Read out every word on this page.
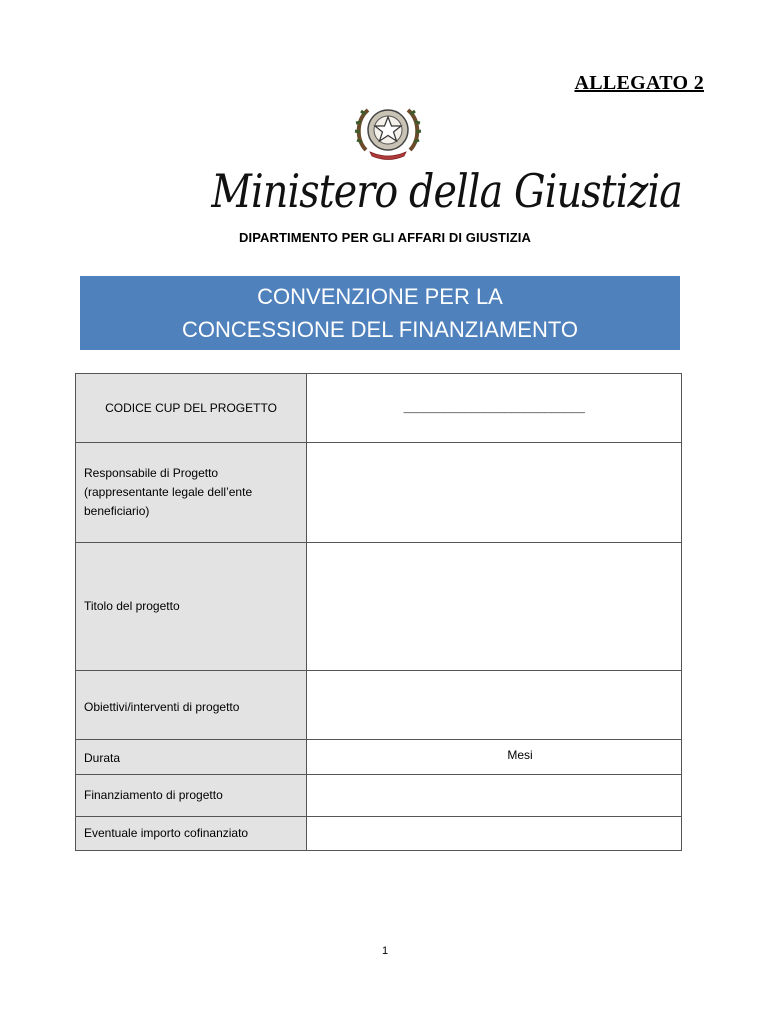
ALLEGATO 2
Ministero della Giustizia
DIPARTIMENTO PER GLI AFFARI DI GIUSTIZIA
CONVENZIONE PER LA
CONCESSIONE DEL FINANZIAMENTO
CODICE CUP DEL PROGETTO	___________________________
Responsabile di Progetto (rappresentante legale dell’ente beneficiario)	
Titolo del progetto	
Obiettivi/interventi di progetto	
Durata	Mesi
Finanziamento di progetto	
Eventuale importo cofinanziato	
1
